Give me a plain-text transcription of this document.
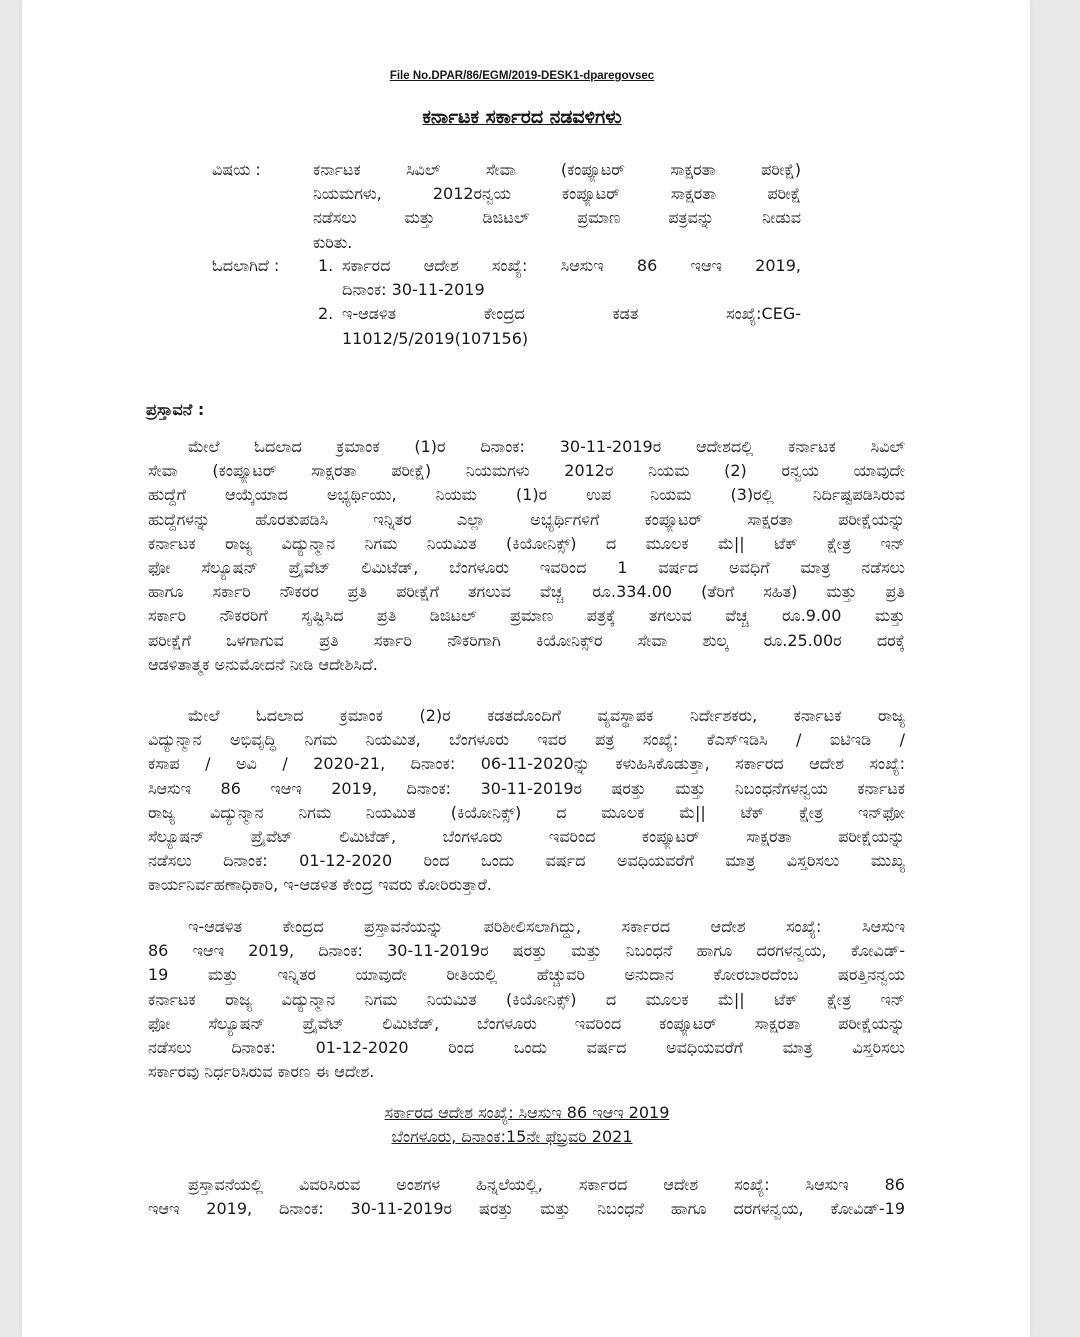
File No.DPAR/86/EGM/2019-DESK1-dparegovsec
ಕರ್ನಾಟಕ ಸರ್ಕಾರದ ನಡವಳಿಗಳು
ವಿಷಯ :	ಕರ್ನಾಟಕ ಸಿವಿಲ್ ಸೇವಾ (ಕಂಪ್ಯೂಟರ್ ಸಾಕ್ಷರತಾ ಪರೀಕ್ಷೆ)
ನಿಯಮಗಳು, 2012ರನ್ವಯ ಕಂಪ್ಯೂಟರ್ ಸಾಕ್ಷರತಾ ಪರೀಕ್ಷೆ
ನಡೆಸಲು ಮತ್ತು ಡಿಜಿಟಲ್ ಪ್ರಮಾಣ ಪತ್ರವನ್ನು ನೀಡುವ
ಕುರಿತು.
ಓದಲಾಗಿದೆ : 1. ಸರ್ಕಾರದ ಆದೇಶ ಸಂಖ್ಯೆ: ಸಿಆಸುಇ 86 ಇಆಇ 2019,
ದಿನಾಂಕ: 30-11-2019
2. ಇ-ಆಡಳಿತ ಕೇಂದ್ರದ ಕಡತ ಸಂಖ್ಯೆ:CEG-
11012/5/2019(107156)
ಪ್ರಸ್ತಾವನೆ :
ಮೇಲೆ ಓದಲಾದ ಕ್ರಮಾಂಕ (1)ರ ದಿನಾಂಕ: 30-11-2019ರ ಆದೇಶದಲ್ಲಿ ಕರ್ನಾಟಕ ಸಿವಿಲ್
ಸೇವಾ (ಕಂಪ್ಯೂಟರ್ ಸಾಕ್ಷರತಾ ಪರೀಕ್ಷೆ) ನಿಯಮಗಳು 2012ರ ನಿಯಮ (2) ರನ್ವಯ ಯಾವುದೇ
ಹುದ್ದೆಗೆ ಆಯ್ಕೆಯಾದ ಅಭ್ಯರ್ಥಿಯು, ನಿಯಮ (1)ರ ಉಪ ನಿಯಮ (3)ರಲ್ಲಿ ನಿರ್ದಿಷ್ಟಪಡಿಸಿರುವ
ಹುದ್ದೆಗಳನ್ನು ಹೊರತುಪಡಿಸಿ ಇನ್ನಿತರ ಎಲ್ಲಾ ಅಭ್ಯರ್ಥಿಗಳಿಗೆ ಕಂಪ್ಯೂಟರ್ ಸಾಕ್ಷರತಾ ಪರೀಕ್ಷೆಯನ್ನು
ಕರ್ನಾಟಕ ರಾಜ್ಯ ವಿದ್ಯುನ್ಮಾನ ನಿಗಮ ನಿಯಮಿತ (ಕಿಯೋನಿಕ್ಸ್) ದ ಮೂಲಕ ಮೆ|| ಟೆಕ್ ಕ್ಷೇತ್ರ ಇನ್
ಫೋ ಸೆಲ್ಯೂಷನ್ ಪ್ರೈವೆಟ್ ಲಿಮಿಟೆಡ್, ಬೆಂಗಳೂರು ಇವರಿಂದ 1 ವರ್ಷದ ಅವಧಿಗೆ ಮಾತ್ರ ನಡೆಸಲು
ಹಾಗೂ ಸರ್ಕಾರಿ ನೌಕರರ ಪ್ರತಿ ಪರೀಕ್ಷೆಗೆ ತಗಲುವ ವೆಚ್ಚ ರೂ.334.00 (ತೆರಿಗೆ ಸಹಿತ) ಮತ್ತು ಪ್ರತಿ
ಸರ್ಕಾರಿ ನೌಕರರಿಗೆ ಸೃಷ್ಟಿಸಿದ ಪ್ರತಿ ಡಿಜಿಟಲ್ ಪ್ರಮಾಣ ಪತ್ರಕ್ಕೆ ತಗಲುವ ವೆಚ್ಚ ರೂ.9.00 ಮತ್ತು
ಪರೀಕ್ಷೆಗೆ ಒಳಗಾಗುವ ಪ್ರತಿ ಸರ್ಕಾರಿ ನೌಕರಿಗಾಗಿ ಕಿಯೋನಿಕ್ಸ್‌ರ ಸೇವಾ ಶುಲ್ಕ ರೂ.25.00ರ ದರಕ್ಕೆ
ಆಡಳಿತಾತ್ಮಕ ಅನುಮೋದನೆ ನೀಡಿ ಆದೇಶಿಸಿದೆ.
ಮೇಲೆ ಓದಲಾದ ಕ್ರಮಾಂಕ (2)ರ ಕಡತದೊಂದಿಗೆ ವ್ಯವಸ್ಥಾಪಕ ನಿರ್ದೇಶಕರು, ಕರ್ನಾಟಕ ರಾಜ್ಯ
ವಿದ್ಯುನ್ಮಾನ ಅಭಿವೃದ್ಧಿ ನಿಗಮ ನಿಯಮಿತ, ಬೆಂಗಳೂರು ಇವರ ಪತ್ರ ಸಂಖ್ಯೆ: ಕೆಎಸ್‌ಇಡಿಸಿ / ಐಟಿಇಡಿ /
ಕಸಾಪ / ಅವಿ / 2020-21, ದಿನಾಂಕ: 06-11-2020ನ್ನು ಕಳುಹಿಸಿಕೊಡುತ್ತಾ, ಸರ್ಕಾರದ ಆದೇಶ ಸಂಖ್ಯೆ:
ಸಿಆಸುಇ 86 ಇಆಇ 2019, ದಿನಾಂಕ: 30-11-2019ರ ಷರತ್ತು ಮತ್ತು ನಿಬಂಧನೆಗಳನ್ವಯ ಕರ್ನಾಟಕ
ರಾಜ್ಯ ವಿದ್ಯುನ್ಮಾನ ನಿಗಮ ನಿಯಮಿತ (ಕಿಯೋನಿಕ್ಸ್) ದ ಮೂಲಕ ಮೆ|| ಟೆಕ್ ಕ್ಷೇತ್ರ ಇನ್‌ಫೋ
ಸೆಲ್ಯೂಷನ್ ಪ್ರೈವೆಟ್ ಲಿಮಿಟೆಡ್, ಬೆಂಗಳೂರು ಇವರಿಂದ ಕಂಪ್ಯೂಟರ್ ಸಾಕ್ಷರತಾ ಪರೀಕ್ಷೆಯನ್ನು
ನಡೆಸಲು ದಿನಾಂಕ: 01-12-2020 ರಿಂದ ಒಂದು ವರ್ಷದ ಅವಧಿಯವರೆಗೆ ಮಾತ್ರ ವಿಸ್ತರಿಸಲು ಮುಖ್ಯ
ಕಾರ್ಯನಿರ್ವಹಣಾಧಿಕಾರಿ, ಇ-ಆಡಳಿತ ಕೇಂದ್ರ ಇವರು ಕೋರಿರುತ್ತಾರೆ.
ಇ-ಆಡಳಿತ ಕೇಂದ್ರದ ಪ್ರಸ್ತಾವನೆಯನ್ನು ಪರಿಶೀಲಿಸಲಾಗಿದ್ದು, ಸರ್ಕಾರದ ಆದೇಶ ಸಂಖ್ಯೆ: ಸಿಆಸುಇ
86 ಇಆಇ 2019, ದಿನಾಂಕ: 30-11-2019ರ ಷರತ್ತು ಮತ್ತು ನಿಬಂಧನೆ ಹಾಗೂ ದರಗಳನ್ವಯ, ಕೋವಿಡ್-
19 ಮತ್ತು ಇನ್ನಿತರ ಯಾವುದೇ ರೀತಿಯಲ್ಲಿ ಹೆಚ್ಚುವರಿ ಅನುದಾನ ಕೋರಬಾರದೆಂಬ ಷರತ್ತಿನನ್ವಯ
ಕರ್ನಾಟಕ ರಾಜ್ಯ ವಿದ್ಯುನ್ಮಾನ ನಿಗಮ ನಿಯಮಿತ (ಕಿಯೋನಿಕ್ಸ್) ದ ಮೂಲಕ ಮೆ|| ಟೆಕ್ ಕ್ಷೇತ್ರ ಇನ್
ಫೋ ಸೆಲ್ಯೂಷನ್ ಪ್ರೈವೆಟ್ ಲಿಮಿಟೆಡ್, ಬೆಂಗಳೂರು ಇವರಿಂದ ಕಂಪ್ಯೂಟರ್ ಸಾಕ್ಷರತಾ ಪರೀಕ್ಷೆಯನ್ನು
ನಡೆಸಲು ದಿನಾಂಕ: 01-12-2020 ರಿಂದ ಒಂದು ವರ್ಷದ ಅವಧಿಯವರೆಗೆ ಮಾತ್ರ ವಿಸ್ತರಿಸಲು
ಸರ್ಕಾರವು ನಿರ್ಧರಿಸಿರುವ ಕಾರಣ ಈ ಆದೇಶ.
ಸರ್ಕಾರದ ಆದೇಶ ಸಂಖ್ಯೆ: ಸಿಆಸುಇ 86 ಇಆಇ 2019
ಬೆಂಗಳೂರು, ದಿನಾಂಕ:15ನೇ ಫೆಬ್ರವರಿ 2021
ಪ್ರಸ್ತಾವನೆಯಲ್ಲಿ ವಿವರಿಸಿರುವ ಅಂಶಗಳ ಹಿನ್ನಲೆಯಲ್ಲಿ, ಸರ್ಕಾರದ ಆದೇಶ ಸಂಖ್ಯೆ: ಸಿಆಸುಇ 86
ಇಆಇ 2019, ದಿನಾಂಕ: 30-11-2019ರ ಷರತ್ತು ಮತ್ತು ನಿಬಂಧನೆ ಹಾಗೂ ದರಗಳನ್ವಯ, ಕೋವಿಡ್-19
